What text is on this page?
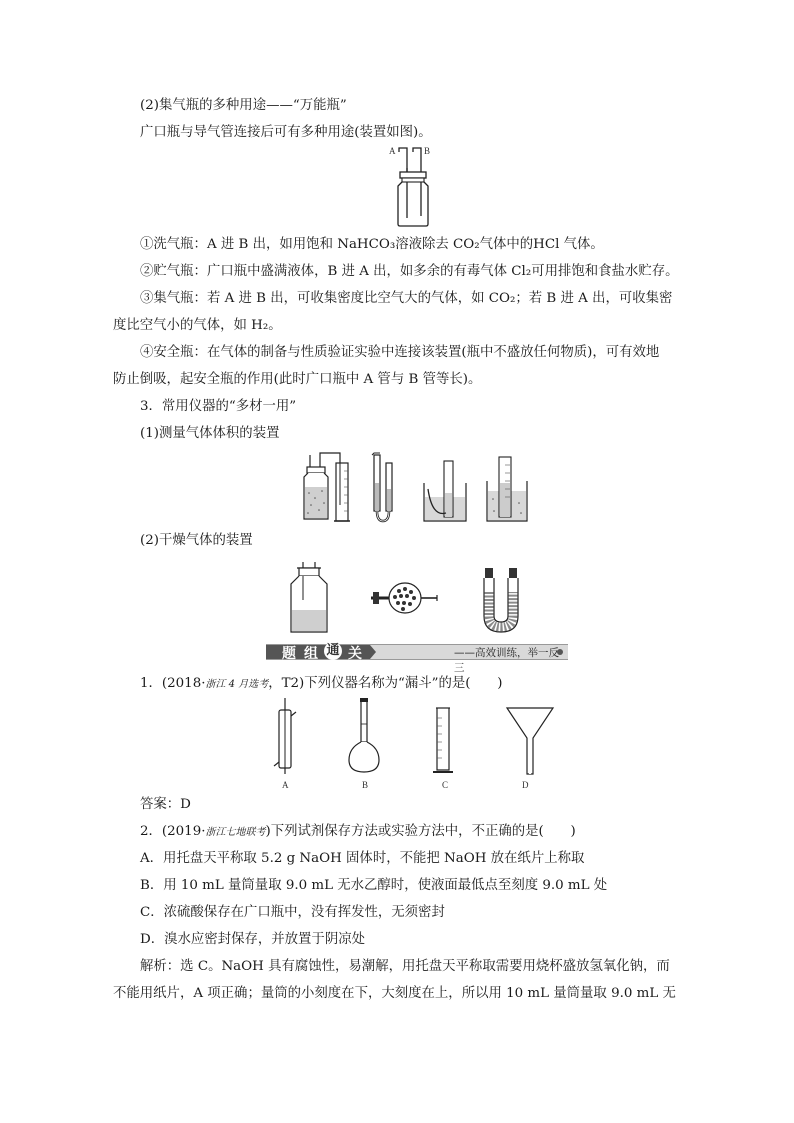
(2)集气瓶的多种用途——“万能瓶”
广口瓶与导气管连接后可有多种用途(装置如图)。
A	B
①洗气瓶：A 进 B 出，如用饱和 NaHCO₃溶液除去 CO₂气体中的HCl 气体。
②贮气瓶：广口瓶中盛满液体，B 进 A 出，如多余的有毒气体 Cl₂可用排饱和食盐水贮存。
③集气瓶：若 A 进 B 出，可收集密度比空气大的气体，如 CO₂；若 B 进 A 出，可收集密
度比空气小的气体，如 H₂。
④安全瓶：在气体的制备与性质验证实验中连接该装置(瓶中不盛放任何物质)，可有效地
防止倒吸，起安全瓶的作用(此时广口瓶中 A 管与 B 管等长)。
3．常用仪器的“多材一用”
(1)测量气体体积的装置
(2)干燥气体的装置
题 组 通 关	——高效训练，举一反三
1．(2018·浙江 4 月选考，T2)下列仪器名称为“漏斗”的是(　　)
A	B	C	D
答案：D
2．(2019·浙江七地联考)下列试剂保存方法或实验方法中，不正确的是(　　)
A．用托盘天平称取 5.2 g NaOH 固体时，不能把 NaOH 放在纸片上称取
B．用 10 mL 量筒量取 9.0 mL 无水乙醇时，使液面最低点至刻度 9.0 mL 处
C．浓硫酸保存在广口瓶中，没有挥发性，无须密封
D．溴水应密封保存，并放置于阴凉处
解析：选 C。NaOH 具有腐蚀性，易潮解，用托盘天平称取需要用烧杯盛放氢氧化钠，而
不能用纸片，A 项正确；量筒的小刻度在下，大刻度在上，所以用 10 mL 量筒量取 9.0 mL 无
